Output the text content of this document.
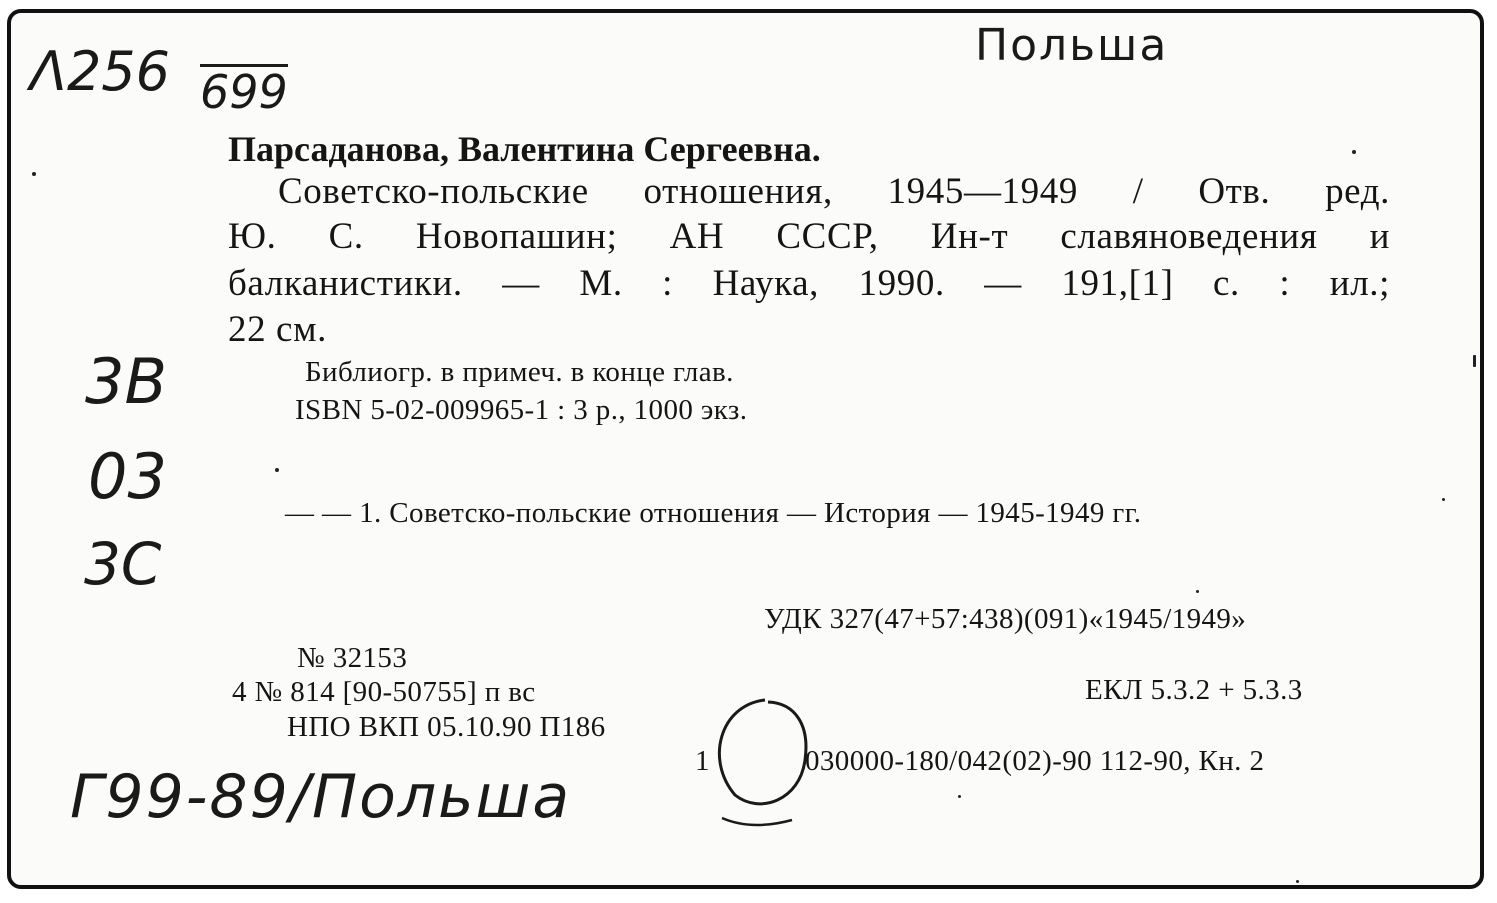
Λ256 699
Польша
3B
03
3C
Г99-89/Польша
Парсаданова, Валентина Сергеевна.
Советско-польские отношения, 1945—1949 / Отв. ред.
Ю. С. Новопашин; АН СССР, Ин-т славяноведения и
балканистики. — М. : Наука, 1990. — 191,[1] с. : ил.;
22 см.
Библиогр. в примеч. в конце глав.
ISBN 5-02-009965-1 : 3 р., 1000 экз.
— — 1. Советско-польские отношения — История — 1945-1949 гг.
УДК 327(47+57:438)(091)«1945/1949»
№ 32153
4 № 814 [90-50755] п вс	ЕКЛ 5.3.2 + 5.3.3
НПО ВКП 05.10.90 П186
1	030000-180/042(02)-90 112-90, Кн. 2
